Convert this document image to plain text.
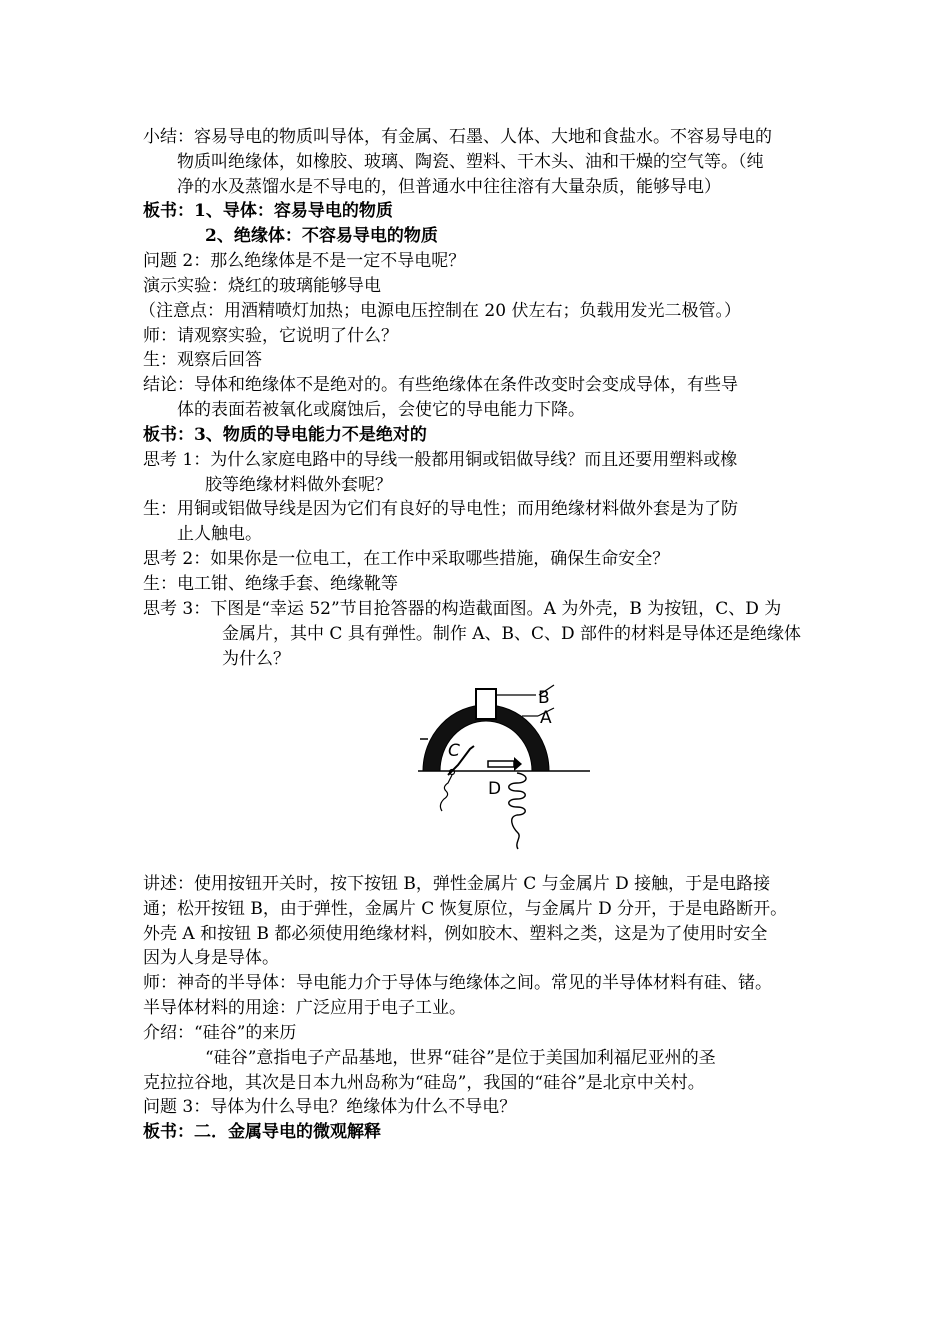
小结：容易导电的物质叫导体，有金属、石墨、人体、大地和食盐水。不容易导电的
物质叫绝缘体，如橡胶、玻璃、陶瓷、塑料、干木头、油和干燥的空气等。（纯
净的水及蒸馏水是不导电的，但普通水中往往溶有大量杂质，能够导电）
板书：1、导体：容易导电的物质
2、绝缘体：不容易导电的物质
问题 2：那么绝缘体是不是一定不导电呢？
演示实验：烧红的玻璃能够导电
（注意点：用酒精喷灯加热；电源电压控制在 20 伏左右；负载用发光二极管。）
师：请观察实验，它说明了什么？
生：观察后回答
结论：导体和绝缘体不是绝对的。有些绝缘体在条件改变时会变成导体，有些导
体的表面若被氧化或腐蚀后，会使它的导电能力下降。
板书：3、物质的导电能力不是绝对的
思考 1：为什么家庭电路中的导线一般都用铜或铝做导线？而且还要用塑料或橡
胶等绝缘材料做外套呢？
生：用铜或铝做导线是因为它们有良好的导电性；而用绝缘材料做外套是为了防
止人触电。
思考 2：如果你是一位电工，在工作中采取哪些措施，确保生命安全？
生：电工钳、绝缘手套、绝缘靴等
思考 3：下图是“幸运 52”节目抢答器的构造截面图。A 为外壳，B 为按钮，C、D 为
金属片，其中 C 具有弹性。制作 A、B、C、D 部件的材料是导体还是绝缘体
为什么？
B
A
C
D
讲述：使用按钮开关时，按下按钮 B，弹性金属片 C 与金属片 D 接触，于是电路接
通；松开按钮 B，由于弹性，金属片 C 恢复原位，与金属片 D 分开，于是电路断开。
外壳 A 和按钮 B 都必须使用绝缘材料，例如胶木、塑料之类，这是为了使用时安全
因为人身是导体。
师：神奇的半导体：导电能力介于导体与绝缘体之间。常见的半导体材料有硅、锗。
半导体材料的用途：广泛应用于电子工业。
介绍：“硅谷”的来历
“硅谷”意指电子产品基地，世界“硅谷”是位于美国加利福尼亚州的圣
克拉拉谷地，其次是日本九州岛称为“硅岛”，我国的“硅谷”是北京中关村。
问题 3：导体为什么导电？绝缘体为什么不导电？
板书：二．金属导电的微观解释
